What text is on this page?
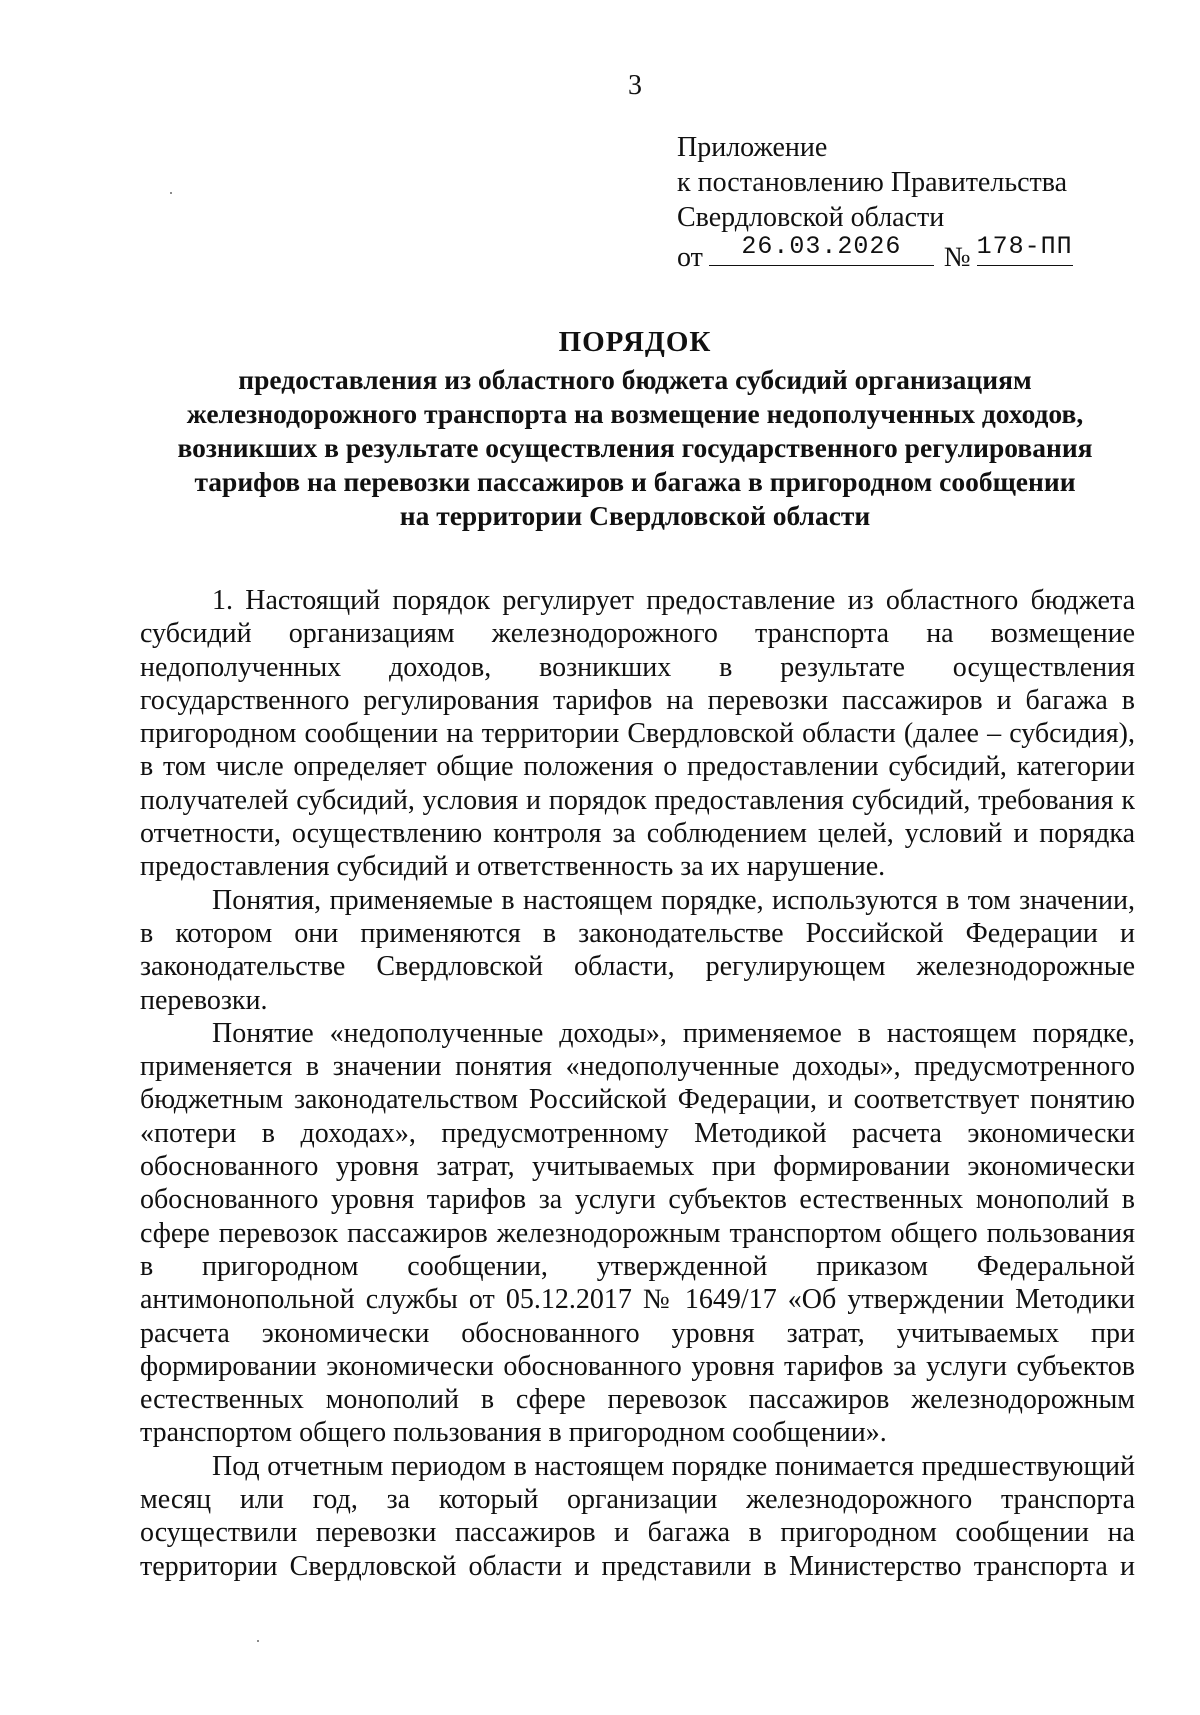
3
Приложение
к постановлению Правительства
Свердловской области
от	26.03.2026	№ 178-ПП
ПОРЯДОК
предоставления из областного бюджета субсидий организациям
железнодорожного транспорта на возмещение недополученных доходов,
возникших в результате осуществления государственного регулирования
тарифов на перевозки пассажиров и багажа в пригородном сообщении
на территории Свердловской области

1. Настоящий порядок регулирует предоставление из областного бюджета субсидий организациям железнодорожного транспорта на возмещение недополученных доходов, возникших в результате осуществления государственного регулирования тарифов на перевозки пассажиров и багажа в пригородном сообщении на территории Свердловской области (далее – субсидия), в том числе определяет общие положения о предоставлении субсидий, категории получателей субсидий, условия и порядок предоставления субсидий, требования к отчетности, осуществлению контроля за соблюдением целей, условий и порядка предоставления субсидий и ответственность за их нарушение.

Понятия, применяемые в настоящем порядке, используются в том значении, в котором они применяются в законодательстве Российской Федерации и законодательстве Свердловской области, регулирующем железнодорожные перевозки.

Понятие «недополученные доходы», применяемое в настоящем порядке, применяется в значении понятия «недополученные доходы», предусмотренного бюджетным законодательством Российской Федерации, и соответствует понятию «потери в доходах», предусмотренному Методикой расчета экономически обоснованного уровня затрат, учитываемых при формировании экономически обоснованного уровня тарифов за услуги субъектов естественных монополий в сфере перевозок пассажиров железнодорожным транспортом общего пользования в пригородном сообщении, утвержденной приказом Федеральной антимонопольной службы от 05.12.2017 № 1649/17 «Об утверждении Методики расчета экономически обоснованного уровня затрат, учитываемых при формировании экономически обоснованного уровня тарифов за услуги субъектов естественных монополий в сфере перевозок пассажиров железнодорожным транспортом общего пользования в пригородном сообщении».

Под отчетным периодом в настоящем порядке понимается предшествующий месяц или год, за который организации железнодорожного транспорта осуществили перевозки пассажиров и багажа в пригородном сообщении на территории Свердловской области и представили в Министерство транспорта и
